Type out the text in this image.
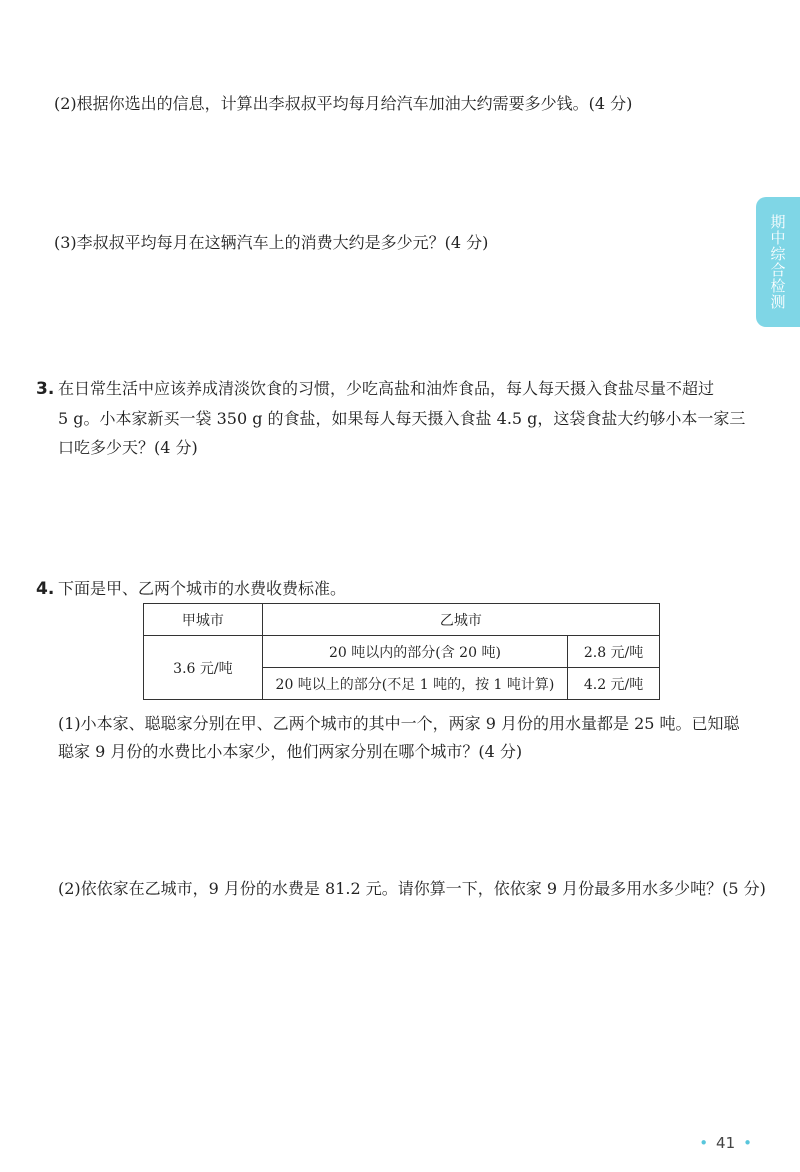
期中综合检测
(2)根据你选出的信息，计算出李叔叔平均每月给汽车加油大约需要多少钱。(4 分)
(3)李叔叔平均每月在这辆汽车上的消费大约是多少元？(4 分)
3. 在日常生活中应该养成清淡饮食的习惯，少吃高盐和油炸食品，每人每天摄入食盐尽量不超过
5 g。小本家新买一袋 350 g 的食盐，如果每人每天摄入食盐 4.5 g，这袋食盐大约够小本一家三
口吃多少天？(4 分)
4. 下面是甲、乙两个城市的水费收费标准。
甲城市	乙城市	
3.6 元/吨	20 吨以内的部分(含 20 吨)	2.8 元/吨
	20 吨以上的部分(不足 1 吨的，按 1 吨计算)	4.2 元/吨
(1)小本家、聪聪家分别在甲、乙两个城市的其中一个，两家 9 月份的用水量都是 25 吨。已知聪
聪家 9 月份的水费比小本家少，他们两家分别在哪个城市？(4 分)
(2)依依家在乙城市，9 月份的水费是 81.2 元。请你算一下，依依家 9 月份最多用水多少吨？(5 分)
• 41 •
